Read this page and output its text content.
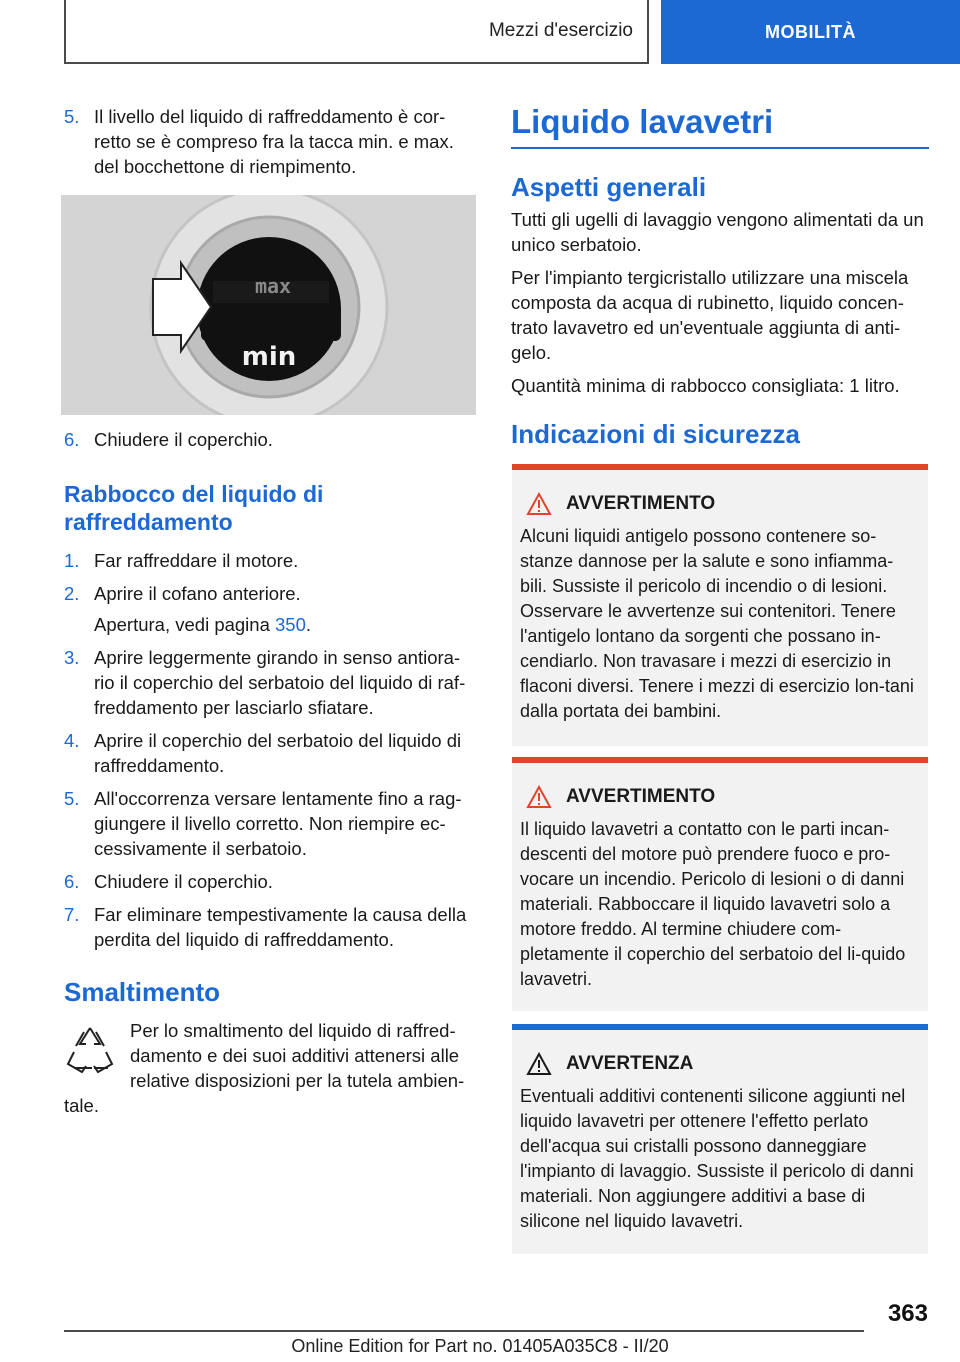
Mezzi d'esercizio	MOBILITÀ
5. Il livello del liquido di raffreddamento è cor-retto se è compreso fra la tacca min. e max. del bocchettone di riempimento.
max
min
6. Chiudere il coperchio.
Rabbocco del liquido di raffreddamento
1. Far raffreddare il motore.
2. Aprire il cofano anteriore.
Apertura, vedi pagina 350.
3. Aprire leggermente girando in senso antiora-rio il coperchio del serbatoio del liquido di raf-freddamento per lasciarlo sfiatare.
4. Aprire il coperchio del serbatoio del liquido di raffreddamento.
5. All'occorrenza versare lentamente fino a rag-giungere il livello corretto. Non riempire ec-cessivamente il serbatoio.
6. Chiudere il coperchio.
7. Far eliminare tempestivamente la causa della perdita del liquido di raffreddamento.
Smaltimento
Per lo smaltimento del liquido di raffred-damento e dei suoi additivi attenersi alle relative disposizioni per la tutela ambien-tale.
Liquido lavavetri
Aspetti generali
Tutti gli ugelli di lavaggio vengono alimentati da un unico serbatoio.
Per l'impianto tergicristallo utilizzare una miscela composta da acqua di rubinetto, liquido concen-trato lavavetro ed un'eventuale aggiunta di anti-gelo.
Quantità minima di rabbocco consigliata: 1 litro.
Indicazioni di sicurezza
AVVERTIMENTO
Alcuni liquidi antigelo possono contenere so-stanze dannose per la salute e sono infiamma-bili. Sussiste il pericolo di incendio o di lesioni. Osservare le avvertenze sui contenitori. Tenere l'antigelo lontano da sorgenti che possano in-cendiarlo. Non travasare i mezzi di esercizio in flaconi diversi. Tenere i mezzi di esercizio lon-tani dalla portata dei bambini.
AVVERTIMENTO
Il liquido lavavetri a contatto con le parti incan-descenti del motore può prendere fuoco e pro-vocare un incendio. Pericolo di lesioni o di danni materiali. Rabboccare il liquido lavavetri solo a motore freddo. Al termine chiudere com-pletamente il coperchio del serbatoio del li-quido lavavetri.
AVVERTENZA
Eventuali additivi contenenti silicone aggiunti nel liquido lavavetri per ottenere l'effetto perlato dell'acqua sui cristalli possono danneggiare l'impianto di lavaggio. Sussiste il pericolo di danni materiali. Non aggiungere additivi a base di silicone nel liquido lavavetri.
363
Online Edition for Part no. 01405A035C8 - II/20
